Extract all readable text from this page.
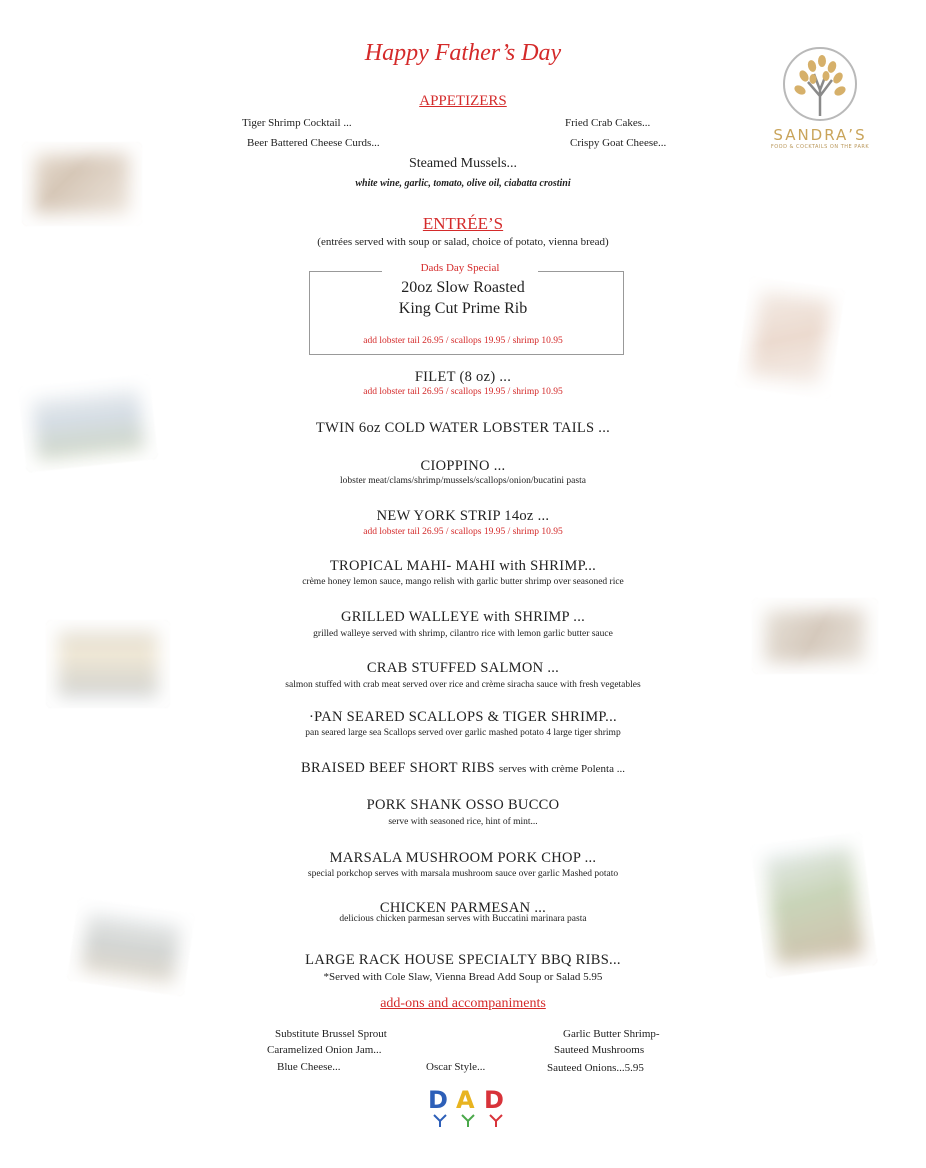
SANDRA’S
FOOD & COCKTAILS ON THE PARK
Happy Father’s Day
APPETIZERS
Tiger Shrimp Cocktail ...
Beer Battered Cheese Curds...
Fried Crab Cakes...
Crispy Goat Cheese...
Steamed Mussels...
white wine, garlic, tomato, olive oil, ciabatta crostini
ENTRÉE’S
(entrées served with soup or salad, choice of potato, vienna bread)
Dads Day Special
20oz Slow Roasted
King Cut Prime Rib
add lobster tail 26.95 / scallops 19.95 / shrimp 10.95
FILET (8 oz) ...
add lobster tail 26.95 / scallops 19.95 / shrimp 10.95
TWIN 6oz COLD WATER LOBSTER TAILS ...
CIOPPINO ...
lobster meat/clams/shrimp/mussels/scallops/onion/bucatini pasta
NEW YORK STRIP 14oz ...
add lobster tail 26.95 / scallops 19.95 / shrimp 10.95
TROPICAL MAHI- MAHI with SHRIMP...
crème honey lemon sauce, mango relish with garlic butter shrimp over seasoned rice
GRILLED WALLEYE with SHRIMP ...
grilled walleye served with shrimp, cilantro rice with lemon garlic butter sauce
CRAB STUFFED SALMON ...
salmon stuffed with crab meat served over rice and crème siracha sauce with fresh vegetables
·PAN SEARED SCALLOPS & TIGER SHRIMP...
pan seared large sea Scallops served over garlic mashed potato 4 large tiger shrimp
BRAISED BEEF SHORT RIBS serves with crème Polenta ...
PORK SHANK OSSO BUCCO
serve with seasoned rice, hint of mint...
MARSALA MUSHROOM PORK CHOP ...
special porkchop serves with marsala mushroom sauce over garlic Mashed potato
CHICKEN PARMESAN ...
delicious chicken parmesan serves with Buccatini marinara pasta
LARGE RACK HOUSE SPECIALTY BBQ RIBS...
*Served with Cole Slaw, Vienna Bread Add Soup or Salad 5.95
add-ons and accompaniments
Substitute Brussel Sprout
Caramelized Onion Jam...
Blue Cheese...	Oscar Style...
Garlic Butter Shrimp-
Sauteed Mushrooms
Sauteed Onions...5.95
D A D
